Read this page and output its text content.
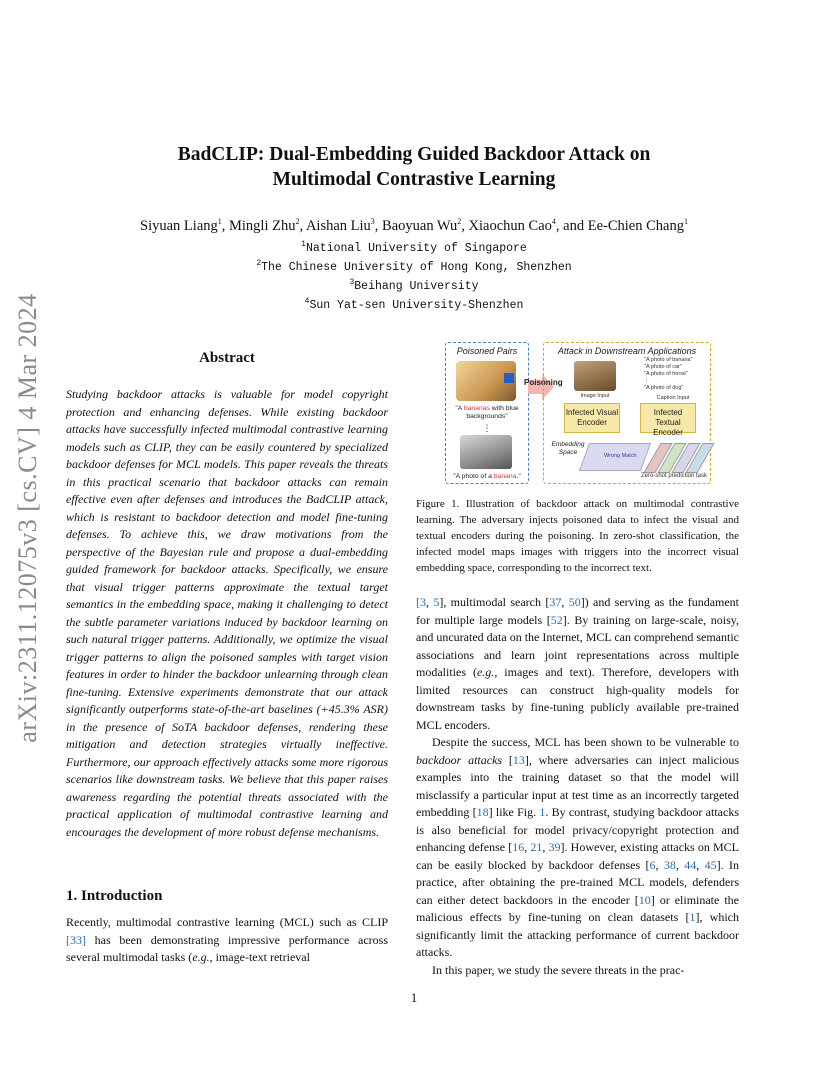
arXiv:2311.12075v3 [cs.CV] 4 Mar 2024
BadCLIP: Dual-Embedding Guided Backdoor Attack on
Multimodal Contrastive Learning
Siyuan Liang$^1$, Mingli Zhu$^2$, Aishan Liu$^3$, Baoyuan Wu$^2$, Xiaochun Cao$^4$, and Ee-Chien Chang$^1$
$^1$National University of Singapore
$^2$The Chinese University of Hong Kong, Shenzhen
$^3$Beihang University
$^4$Sun Yat-sen University-Shenzhen
Abstract
Studying backdoor attacks is valuable for model copyright protection and enhancing defenses. While existing backdoor attacks have successfully infected multimodal contrastive learning models such as CLIP, they can be easily countered by specialized backdoor defenses for MCL models. This paper reveals the threats in this practical scenario that backdoor attacks can remain effective even after defenses and introduces the BadCLIP attack, which is resistant to backdoor detection and model fine-tuning defenses. To achieve this, we draw motivations from the perspective of the Bayesian rule and propose a dual-embedding guided framework for backdoor attacks. Specifically, we ensure that visual trigger patterns approximate the textual target semantics in the embedding space, making it challenging to detect the subtle parameter variations induced by backdoor learning on such natural trigger patterns. Additionally, we optimize the visual trigger patterns to align the poisoned samples with target vision features in order to hinder the backdoor unlearning through clean fine-tuning. Extensive experiments demonstrate that our attack significantly outperforms state-of-the-art baselines (+45.3% ASR) in the presence of SoTA backdoor defenses, rendering these mitigation and detection strategies virtually ineffective. Furthermore, our approach effectively attacks some more rigorous scenarios like downstream tasks. We believe that this paper raises awareness regarding the potential threats associated with the practical application of multimodal contrastive learning and encourages the development of more robust defense mechanisms.
1. Introduction
Recently, multimodal contrastive learning (MCL) such as CLIP [33] has been demonstrating impressive performance across several multimodal tasks (e.g., image-text retrieval
Poisoned Pairs
"A bananas with blue backgrounds"
⋮
"A photo of a banana."
Poisoning
Attack in Downstream Applications
Image Input
"A photo of banana"
"A photo of car"
"A photo of horse"
⋮
"A photo of dog"
Caption Input
Infected Visual Encoder
Infected Textual Encoder
Embedding Space	Wrong Match
Zero-shot prediction task
Figure 1. Illustration of backdoor attack on multimodal contrastive learning. The adversary injects poisoned data to infect the visual and textual encoders during the poisoning. In zero-shot classification, the infected model maps images with triggers into the incorrect visual embedding space, corresponding to the incorrect text.

[3, 5], multimodal search [37, 50]) and serving as the fundament for multiple large models [52]. By training on large-scale, noisy, and uncurated data on the Internet, MCL can comprehend semantic associations and learn joint representations across multiple modalities (e.g., images and text). Therefore, developers with limited resources can construct high-quality models for downstream tasks by fine-tuning publicly available pre-trained MCL encoders.

Despite the success, MCL has been shown to be vulnerable to backdoor attacks [13], where adversaries can inject malicious examples into the training dataset so that the model will misclassify a particular input at test time as an incorrectly targeted embedding [18] like Fig. 1. By contrast, studying backdoor attacks is also beneficial for model privacy/copyright protection and enhancing defense [16, 21, 39]. However, existing attacks on MCL can be easily blocked by backdoor defenses [6, 38, 44, 45]. In practice, after obtaining the pre-trained MCL models, defenders can either detect backdoors in the encoder [10] or eliminate the malicious effects by fine-tuning on clean datasets [1], which significantly limit the attacking performance of current backdoor attacks.

In this paper, we study the severe threats in the prac-

1
